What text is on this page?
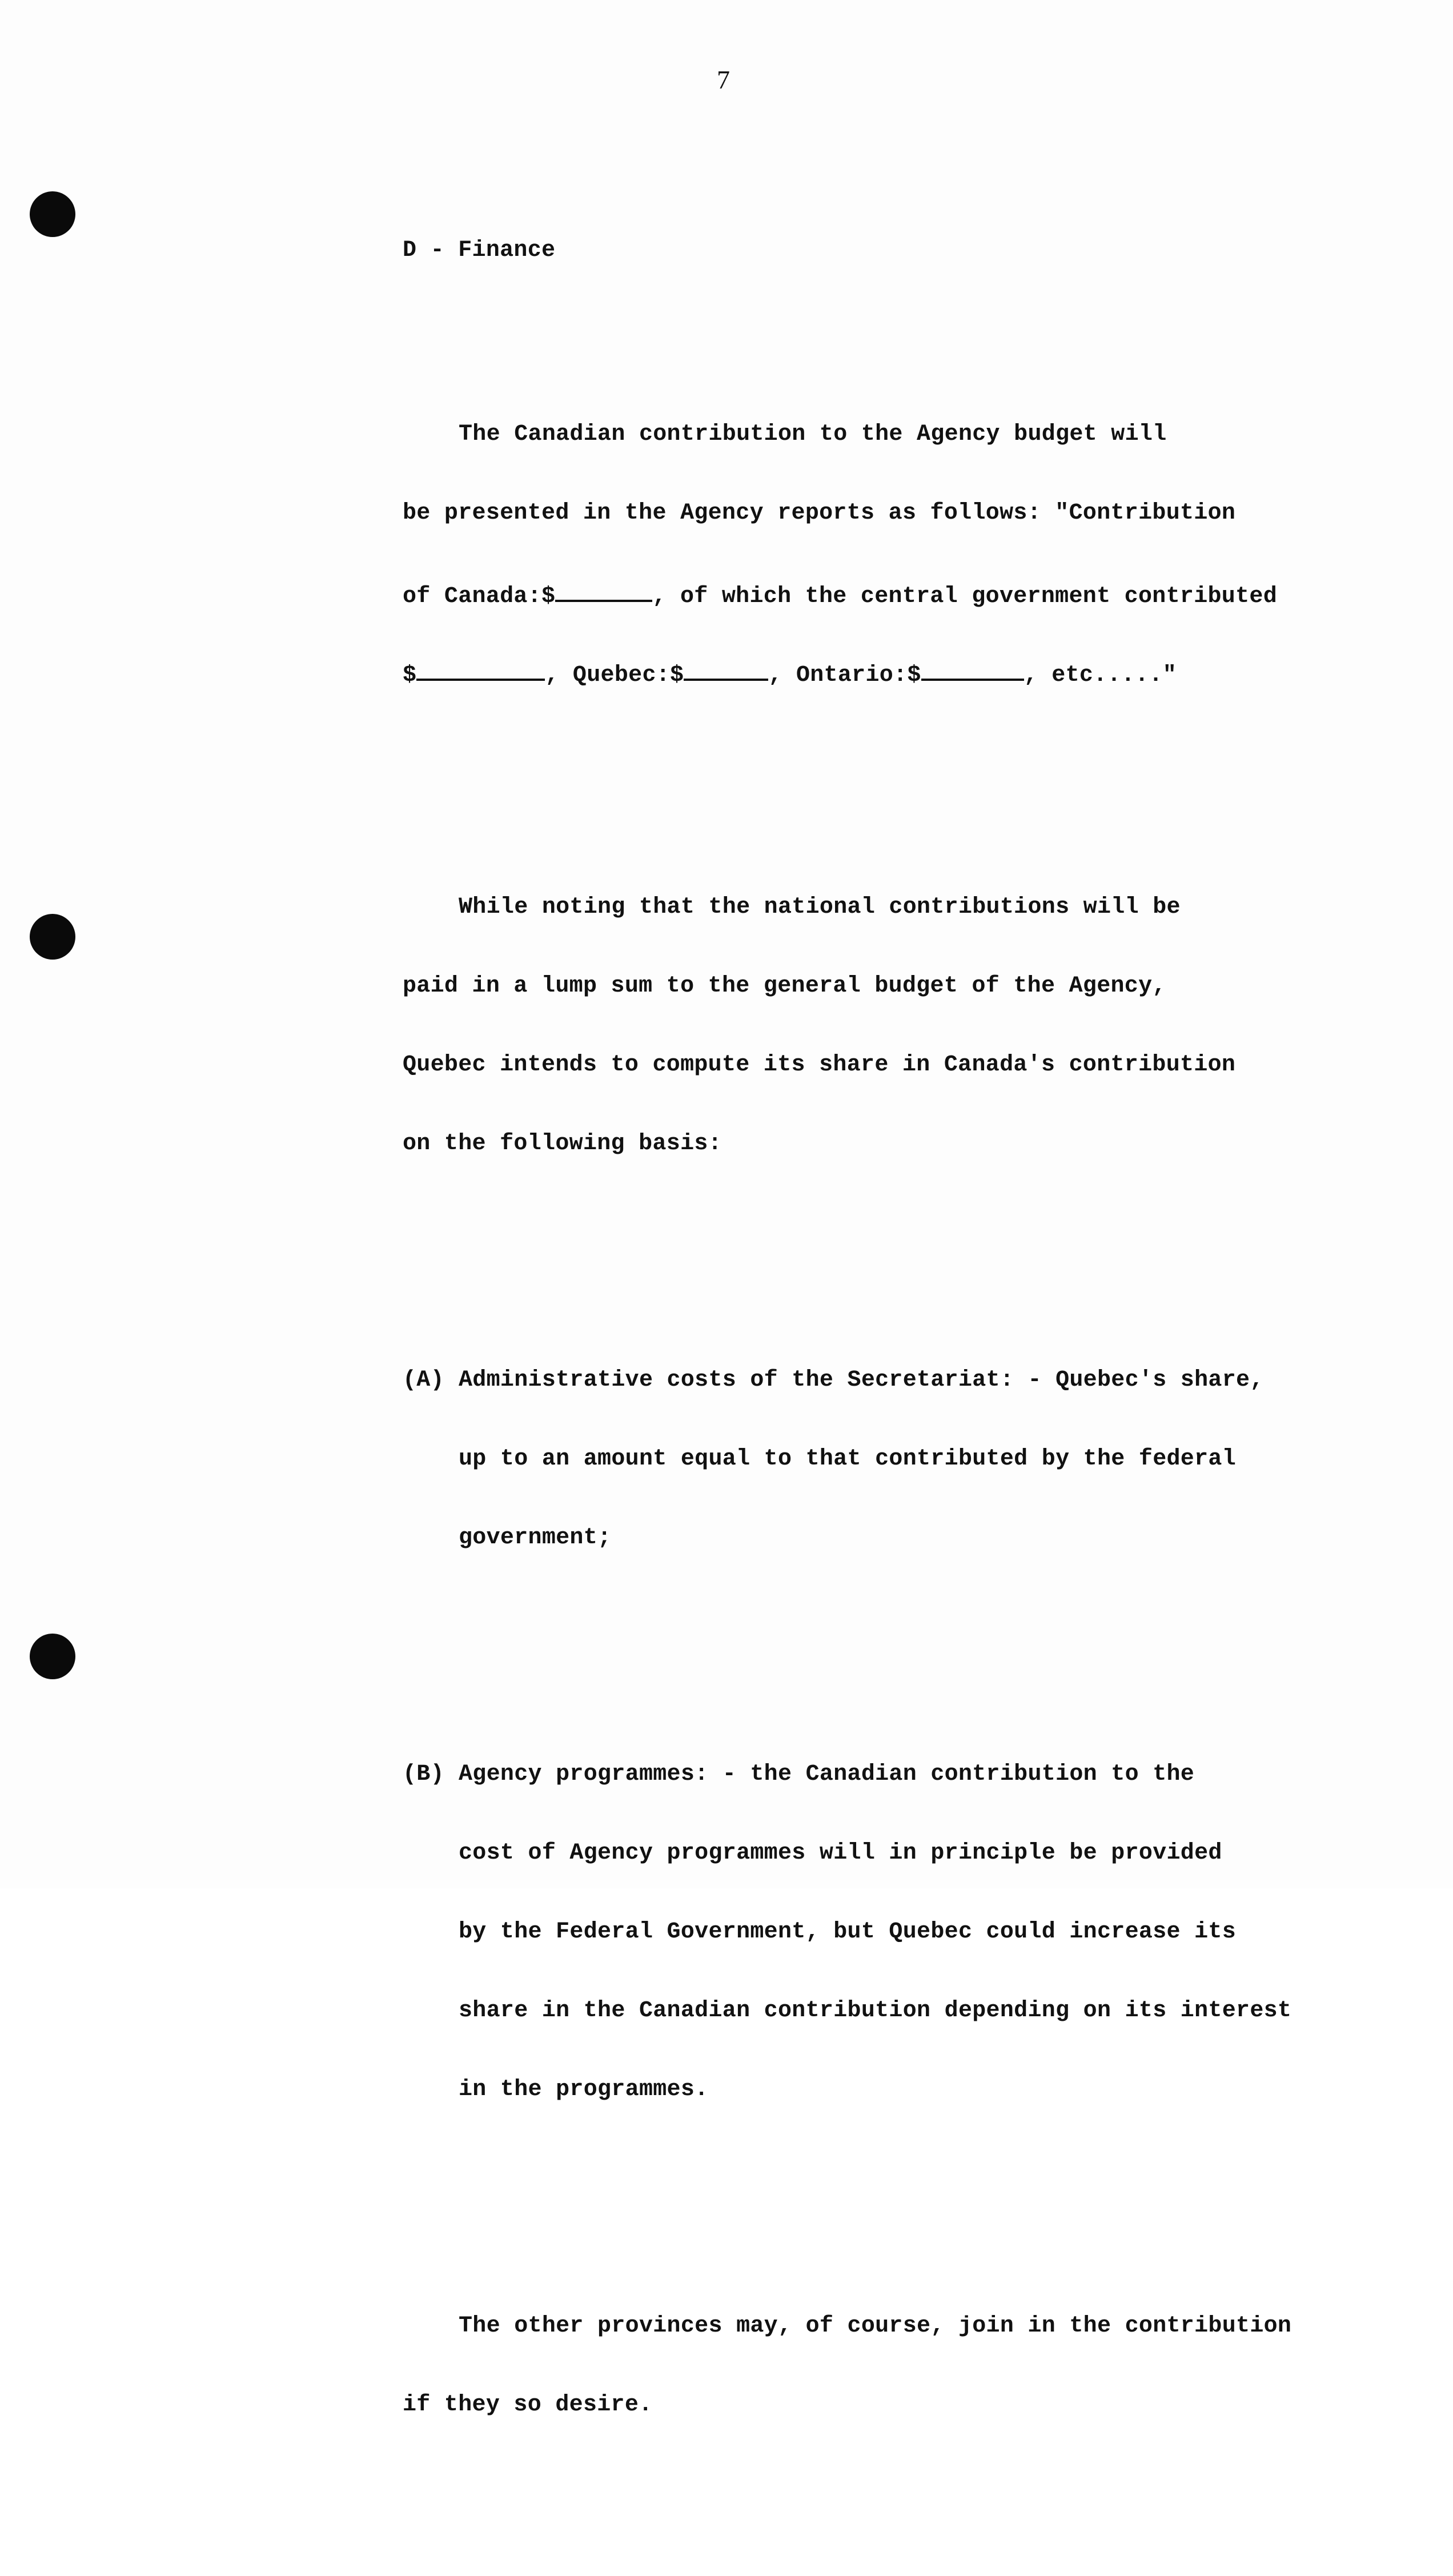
7

D - Finance

The Canadian contribution to the Agency budget will

be presented in the Agency reports as follows: "Contribution

of Canada:$	, of which the central government contributed

$	, Quebec:$	, Ontario:$	, etc....."

While noting that the national contributions will be

paid in a lump sum to the general budget of the Agency,

Quebec intends to compute its share in Canada's contribution

on the following basis:

(A) Administrative costs of the Secretariat: - Quebec's share,

up to an amount equal to that contributed by the federal

government;

(B) Agency programmes: - the Canadian contribution to the

cost of Agency programmes will in principle be provided

by the Federal Government, but Quebec could increase its

share in the Canadian contribution depending on its interest

in the programmes.

The other provinces may, of course, join in the contribution

if they so desire.
